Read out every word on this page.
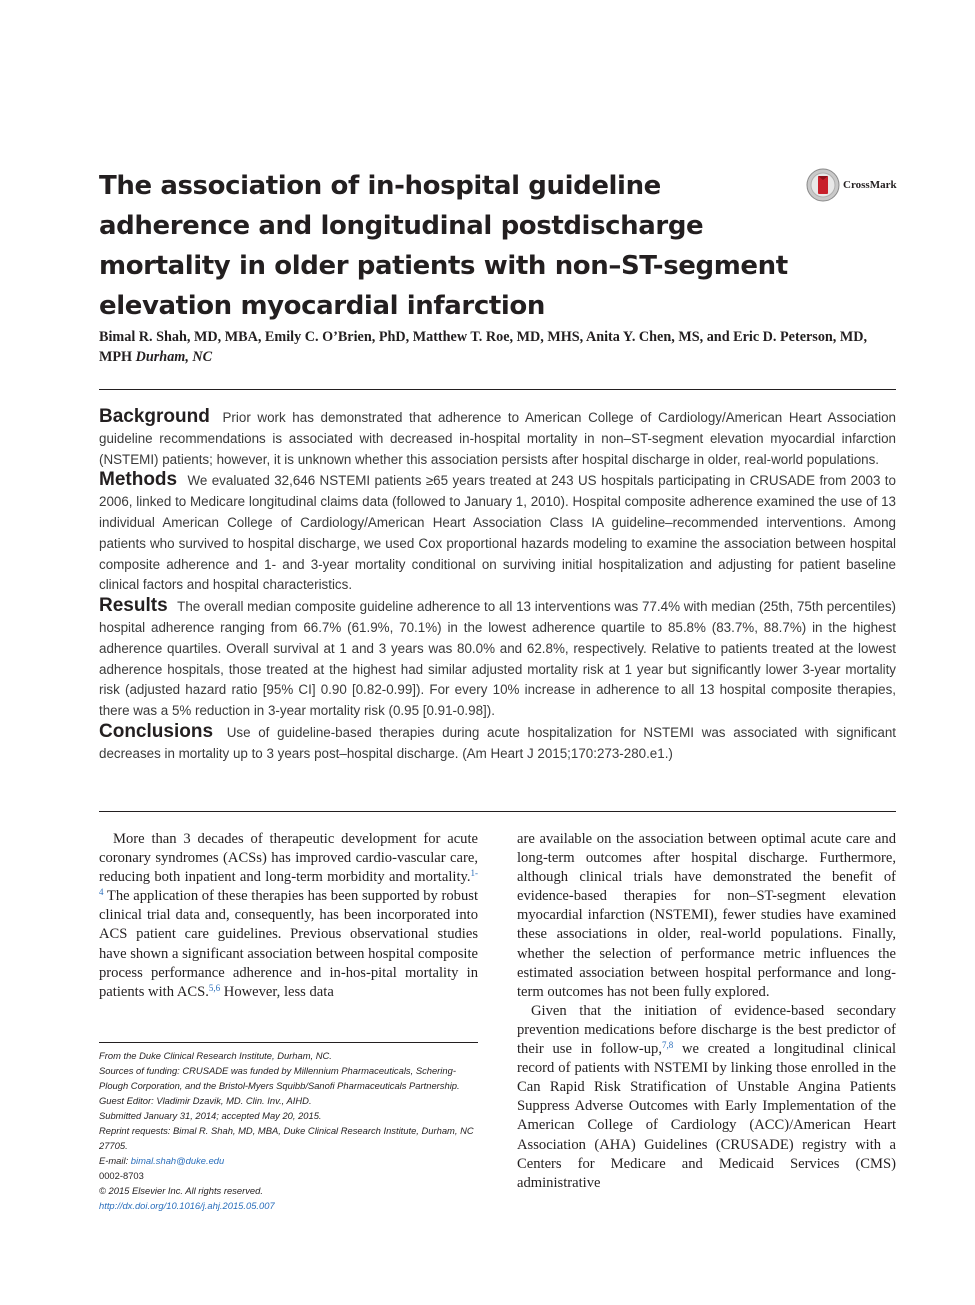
The association of in-hospital guideline adherence and longitudinal postdischarge mortality in older patients with non–ST-segment elevation myocardial infarction
CrossMark
Bimal R. Shah, MD, MBA, Emily C. O’Brien, PhD, Matthew T. Roe, MD, MHS, Anita Y. Chen, MS, and Eric D. Peterson, MD, MPH Durham, NC

Background Prior work has demonstrated that adherence to American College of Cardiology/American Heart Association guideline recommendations is associated with decreased in-hospital mortality in non–ST-segment elevation myocardial infarction (NSTEMI) patients; however, it is unknown whether this association persists after hospital discharge in older, real-world populations.

Methods We evaluated 32,646 NSTEMI patients ≥65 years treated at 243 US hospitals participating in CRUSADE from 2003 to 2006, linked to Medicare longitudinal claims data (followed to January 1, 2010). Hospital composite adherence examined the use of 13 individual American College of Cardiology/American Heart Association Class IA guideline–recommended interventions. Among patients who survived to hospital discharge, we used Cox proportional hazards modeling to examine the association between hospital composite adherence and 1- and 3-year mortality conditional on surviving initial hospitalization and adjusting for patient baseline clinical factors and hospital characteristics.

Results The overall median composite guideline adherence to all 13 interventions was 77.4% with median (25th, 75th percentiles) hospital adherence ranging from 66.7% (61.9%, 70.1%) in the lowest adherence quartile to 85.8% (83.7%, 88.7%) in the highest adherence quartiles. Overall survival at 1 and 3 years was 80.0% and 62.8%, respectively. Relative to patients treated at the lowest adherence hospitals, those treated at the highest had similar adjusted mortality risk at 1 year but significantly lower 3-year mortality risk (adjusted hazard ratio [95% CI] 0.90 [0.82-0.99]). For every 10% increase in adherence to all 13 hospital composite therapies, there was a 5% reduction in 3-year mortality risk (0.95 [0.91-0.98]).

Conclusions Use of guideline-based therapies during acute hospitalization for NSTEMI was associated with significant decreases in mortality up to 3 years post–hospital discharge. (Am Heart J 2015;170:273-280.e1.)

More than 3 decades of therapeutic development for acute coronary syndromes (ACSs) has improved cardio-vascular care, reducing both inpatient and long-term morbidity and mortality.$^{1-4}$ The application of these therapies has been supported by robust clinical trial data and, consequently, has been incorporated into ACS patient care guidelines. Previous observational studies have shown a significant association between hospital composite process performance adherence and in-hos-pital mortality in patients with ACS.$^{5,6}$ However, less data

are available on the association between optimal acute care and long-term outcomes after hospital discharge. Furthermore, although clinical trials have demonstrated the benefit of evidence-based therapies for non–ST-segment elevation myocardial infarction (NSTEMI), fewer studies have examined these associations in older, real-world populations. Finally, whether the selection of performance metric influences the estimated association between hospital performance and long-term outcomes has not been fully explored.

Given that the initiation of evidence-based secondary prevention medications before discharge is the best predictor of their use in follow-up,$^{7,8}$ we created a longitudinal clinical record of patients with NSTEMI by linking those enrolled in the Can Rapid Risk Stratification of Unstable Angina Patients Suppress Adverse Outcomes with Early Implementation of the American College of Cardiology (ACC)/American Heart Association (AHA) Guidelines (CRUSADE) registry with a Centers for Medicare and Medicaid Services (CMS) administrative

From the Duke Clinical Research Institute, Durham, NC.
Sources of funding: CRUSADE was funded by Millennium Pharmaceuticals, Schering-Plough Corporation, and the Bristol-Myers Squibb/Sanofi Pharmaceuticals Partnership.
Guest Editor: Vladimir Dzavik, MD. Clin. Inv., AIHD.
Submitted January 31, 2014; accepted May 20, 2015.
Reprint requests: Bimal R. Shah, MD, MBA, Duke Clinical Research Institute, Durham, NC 27705.
E-mail: bimal.shah@duke.edu
0002-8703
© 2015 Elsevier Inc. All rights reserved.
http://dx.doi.org/10.1016/j.ahj.2015.05.007
